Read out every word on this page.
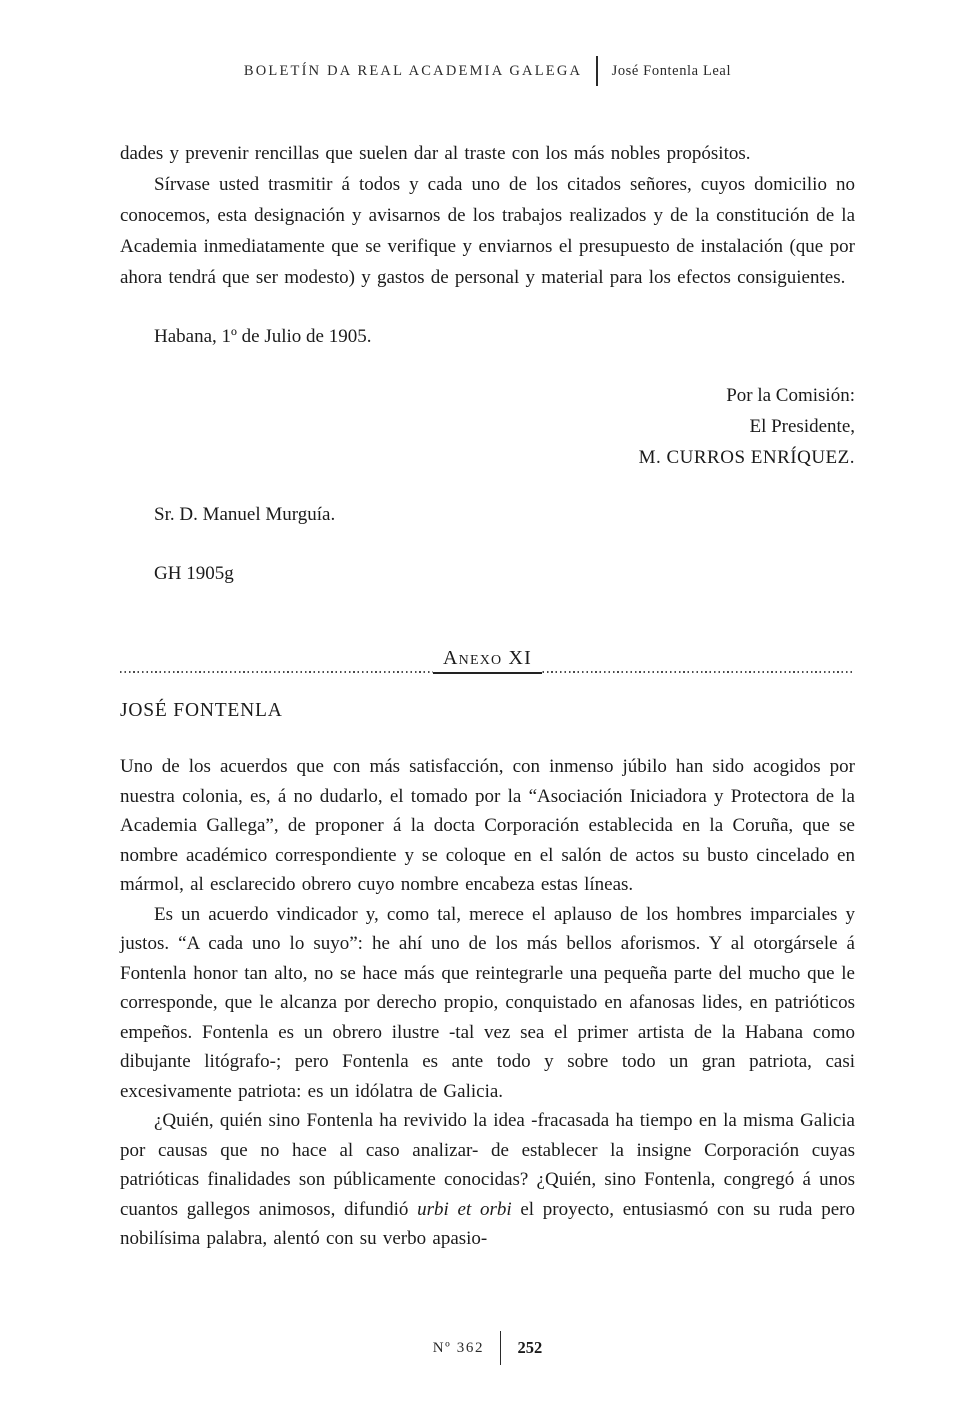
BOLETÍN DA REAL ACADEMIA GALEGA José Fontenla Leal

dades y prevenir rencillas que suelen dar al traste con los más nobles propósitos.

Sírvase usted trasmitir á todos y cada uno de los citados señores, cuyos domicilio no conocemos, esta designación y avisarnos de los trabajos realizados y de la constitución de la Academia inmediatamente que se verifique y enviarnos el presupuesto de instalación (que por ahora tendrá que ser modesto) y gastos de personal y material para los efectos consiguientes.

Habana, 1º de Julio de 1905.

Por la Comisión:

El Presidente,

M. CURROS ENRÍQUEZ.

Sr. D. Manuel Murguía.

GH 1905g

Anexo XI

JOSÉ FONTENLA

Uno de los acuerdos que con más satisfacción, con inmenso júbilo han sido acogidos por nuestra colonia, es, á no dudarlo, el tomado por la “Asociación Iniciadora y Protectora de la Academia Gallega”, de proponer á la docta Corporación establecida en la Coruña, que se nombre académico correspondiente y se coloque en el salón de actos su busto cincelado en mármol, al esclarecido obrero cuyo nombre encabeza estas líneas.

Es un acuerdo vindicador y, como tal, merece el aplauso de los hombres imparciales y justos. “A cada uno lo suyo”: he ahí uno de los más bellos aforismos. Y al otorgársele á Fontenla honor tan alto, no se hace más que reintegrarle una pequeña parte del mucho que le corresponde, que le alcanza por derecho propio, conquistado en afanosas lides, en patrióticos empeños. Fontenla es un obrero ilustre -tal vez sea el primer artista de la Habana como dibujante litógrafo-; pero Fontenla es ante todo y sobre todo un gran patriota, casi excesivamente patriota: es un idólatra de Galicia.

¿Quién, quién sino Fontenla ha revivido la idea -fracasada ha tiempo en la misma Galicia por causas que no hace al caso analizar- de establecer la insigne Corporación cuyas patrióticas finalidades son públicamente conocidas? ¿Quién, sino Fontenla, congregó á unos cuantos gallegos animosos, difundió urbi et orbi el proyecto, entusiasmó con su ruda pero nobilísima palabra, alentó con su verbo apasio-

Nº 362 252
